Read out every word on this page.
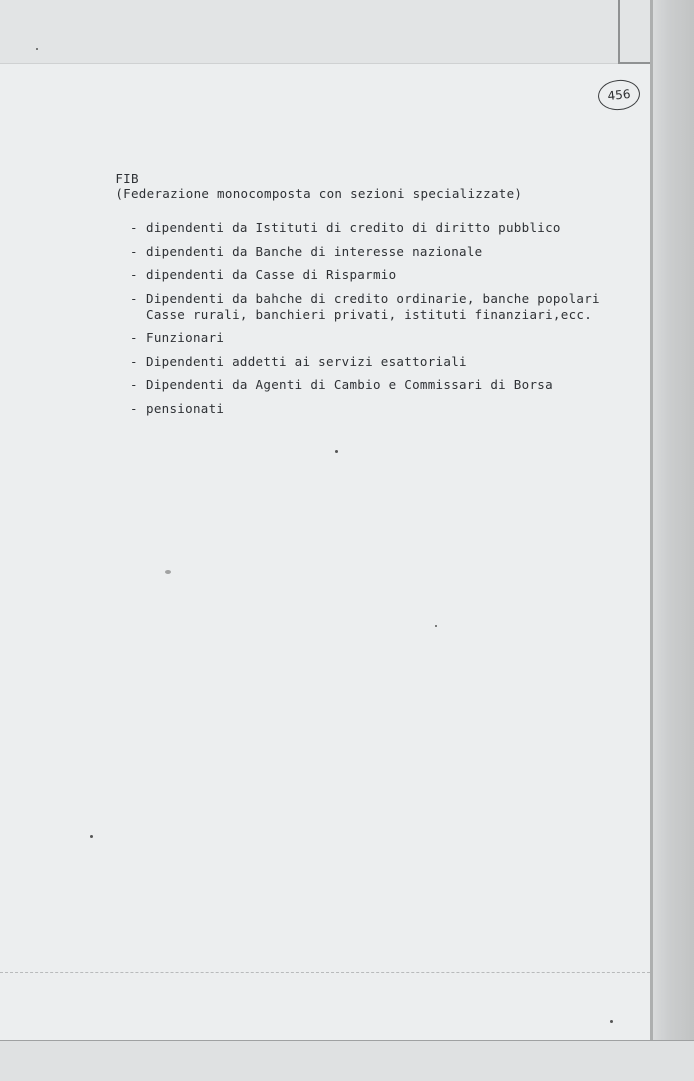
456

FIB
(Federazione monocomposta con sezioni specializzate)

- dipendenti da Istituti di credito di diritto pubblico
- dipendenti da Banche di interesse nazionale
- dipendenti da Casse di Risparmio
- Dipendenti da bahche di credito ordinarie, banche popolari
Casse rurali, banchieri privati, istituti finanziari,ecc.
- Funzionari
- Dipendenti addetti ai servizi esattoriali
- Dipendenti da Agenti di Cambio e Commissari di Borsa
- pensionati
